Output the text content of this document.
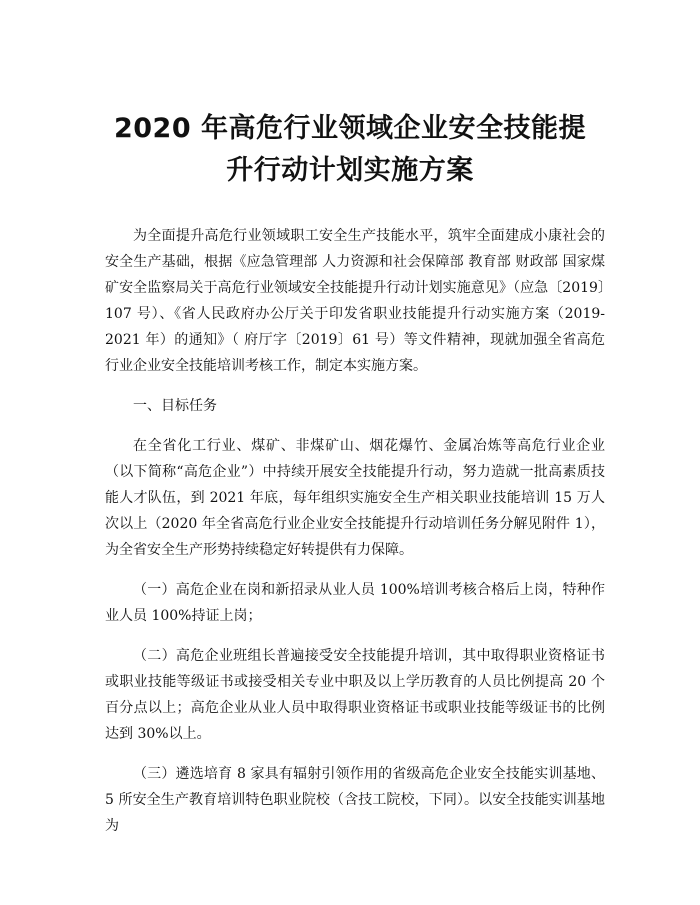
2020 年高危行业领域企业安全技能提
升行动计划实施方案

为全面提升高危行业领域职工安全生产技能水平，筑牢全面建成小康社会的安全生产基础，根据《应急管理部 人力资源和社会保障部 教育部 财政部 国家煤矿安全监察局关于高危行业领域安全技能提升行动计划实施意见》（应急〔2019〕107 号）、《省人民政府办公厅关于印发省职业技能提升行动实施方案（2019-2021 年）的通知》（ 府厅字〔2019〕61 号）等文件精神，现就加强全省高危行业企业安全技能培训考核工作，制定本实施方案。

一、目标任务

在全省化工行业、煤矿、非煤矿山、烟花爆竹、金属冶炼等高危行业企业（以下简称“高危企业”）中持续开展安全技能提升行动，努力造就一批高素质技能人才队伍，到 2021 年底，每年组织实施安全生产相关职业技能培训 15 万人次以上（2020 年全省高危行业企业安全技能提升行动培训任务分解见附件 1），为全省安全生产形势持续稳定好转提供有力保障。

（一）高危企业在岗和新招录从业人员 100%培训考核合格后上岗，特种作业人员 100%持证上岗；

（二）高危企业班组长普遍接受安全技能提升培训，其中取得职业资格证书或职业技能等级证书或接受相关专业中职及以上学历教育的人员比例提高 20 个百分点以上；高危企业从业人员中取得职业资格证书或职业技能等级证书的比例达到 30%以上。

（三）遴选培育 8 家具有辐射引领作用的省级高危企业安全技能实训基地、5 所安全生产教育培训特色职业院校（含技工院校，下同）。以安全技能实训基地为
